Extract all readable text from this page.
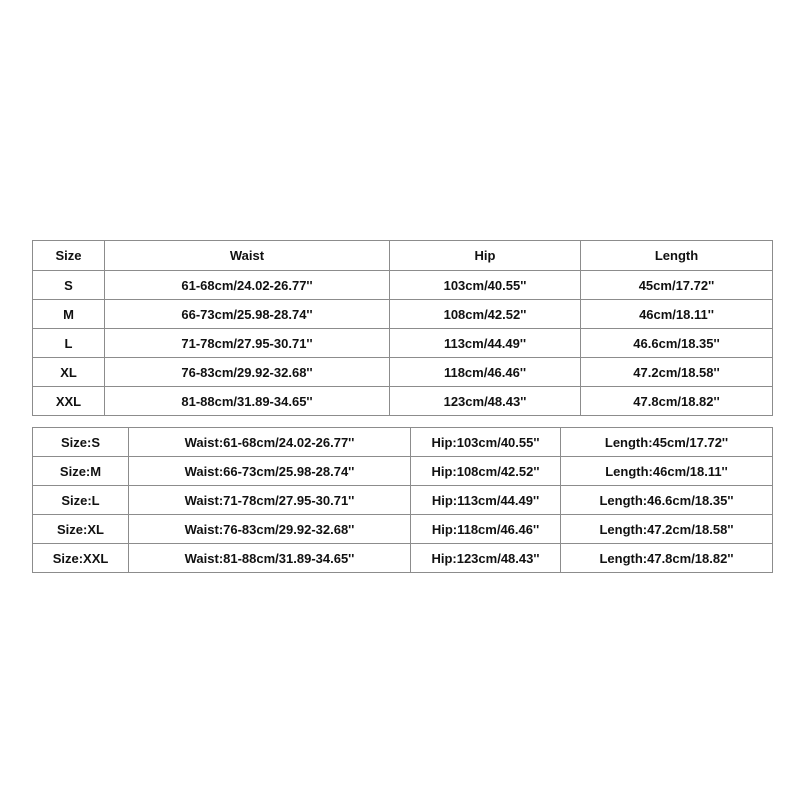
Size	Waist	Hip	Length
S	61-68cm/24.02-26.77''	103cm/40.55''	45cm/17.72''
M	66-73cm/25.98-28.74''	108cm/42.52''	46cm/18.11''
L	71-78cm/27.95-30.71''	113cm/44.49''	46.6cm/18.35''
XL	76-83cm/29.92-32.68''	118cm/46.46''	47.2cm/18.58''
XXL	81-88cm/31.89-34.65''	123cm/48.43''	47.8cm/18.82''
Size:S	Waist:61-68cm/24.02-26.77''	Hip:103cm/40.55''	Length:45cm/17.72''
Size:M	Waist:66-73cm/25.98-28.74''	Hip:108cm/42.52''	Length:46cm/18.11''
Size:L	Waist:71-78cm/27.95-30.71''	Hip:113cm/44.49''	Length:46.6cm/18.35''
Size:XL	Waist:76-83cm/29.92-32.68''	Hip:118cm/46.46''	Length:47.2cm/18.58''
Size:XXL	Waist:81-88cm/31.89-34.65''	Hip:123cm/48.43''	Length:47.8cm/18.82''
